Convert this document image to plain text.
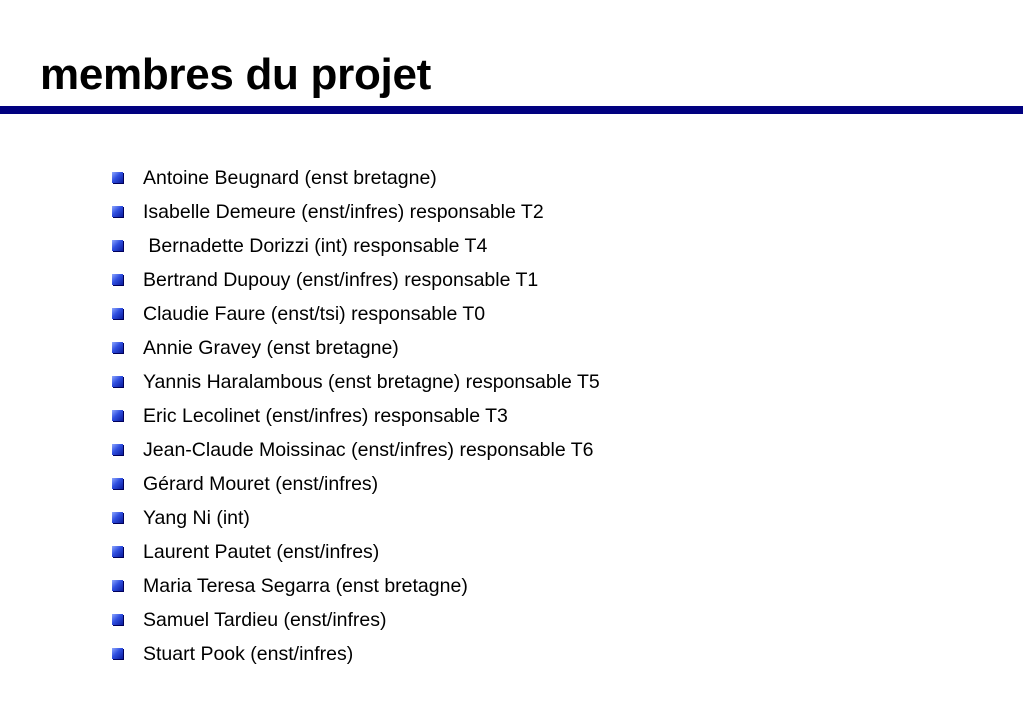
membres du projet
Antoine Beugnard (enst bretagne)
Isabelle Demeure (enst/infres) responsable T2
Bernadette Dorizzi (int) responsable T4
Bertrand Dupouy (enst/infres) responsable T1
Claudie Faure (enst/tsi) responsable T0
Annie Gravey (enst bretagne)
Yannis Haralambous (enst bretagne) responsable T5
Eric Lecolinet (enst/infres) responsable T3
Jean-Claude Moissinac (enst/infres) responsable T6
Gérard Mouret (enst/infres)
Yang Ni (int)
Laurent Pautet (enst/infres)
Maria Teresa Segarra (enst bretagne)
Samuel Tardieu (enst/infres)
Stuart Pook (enst/infres)
